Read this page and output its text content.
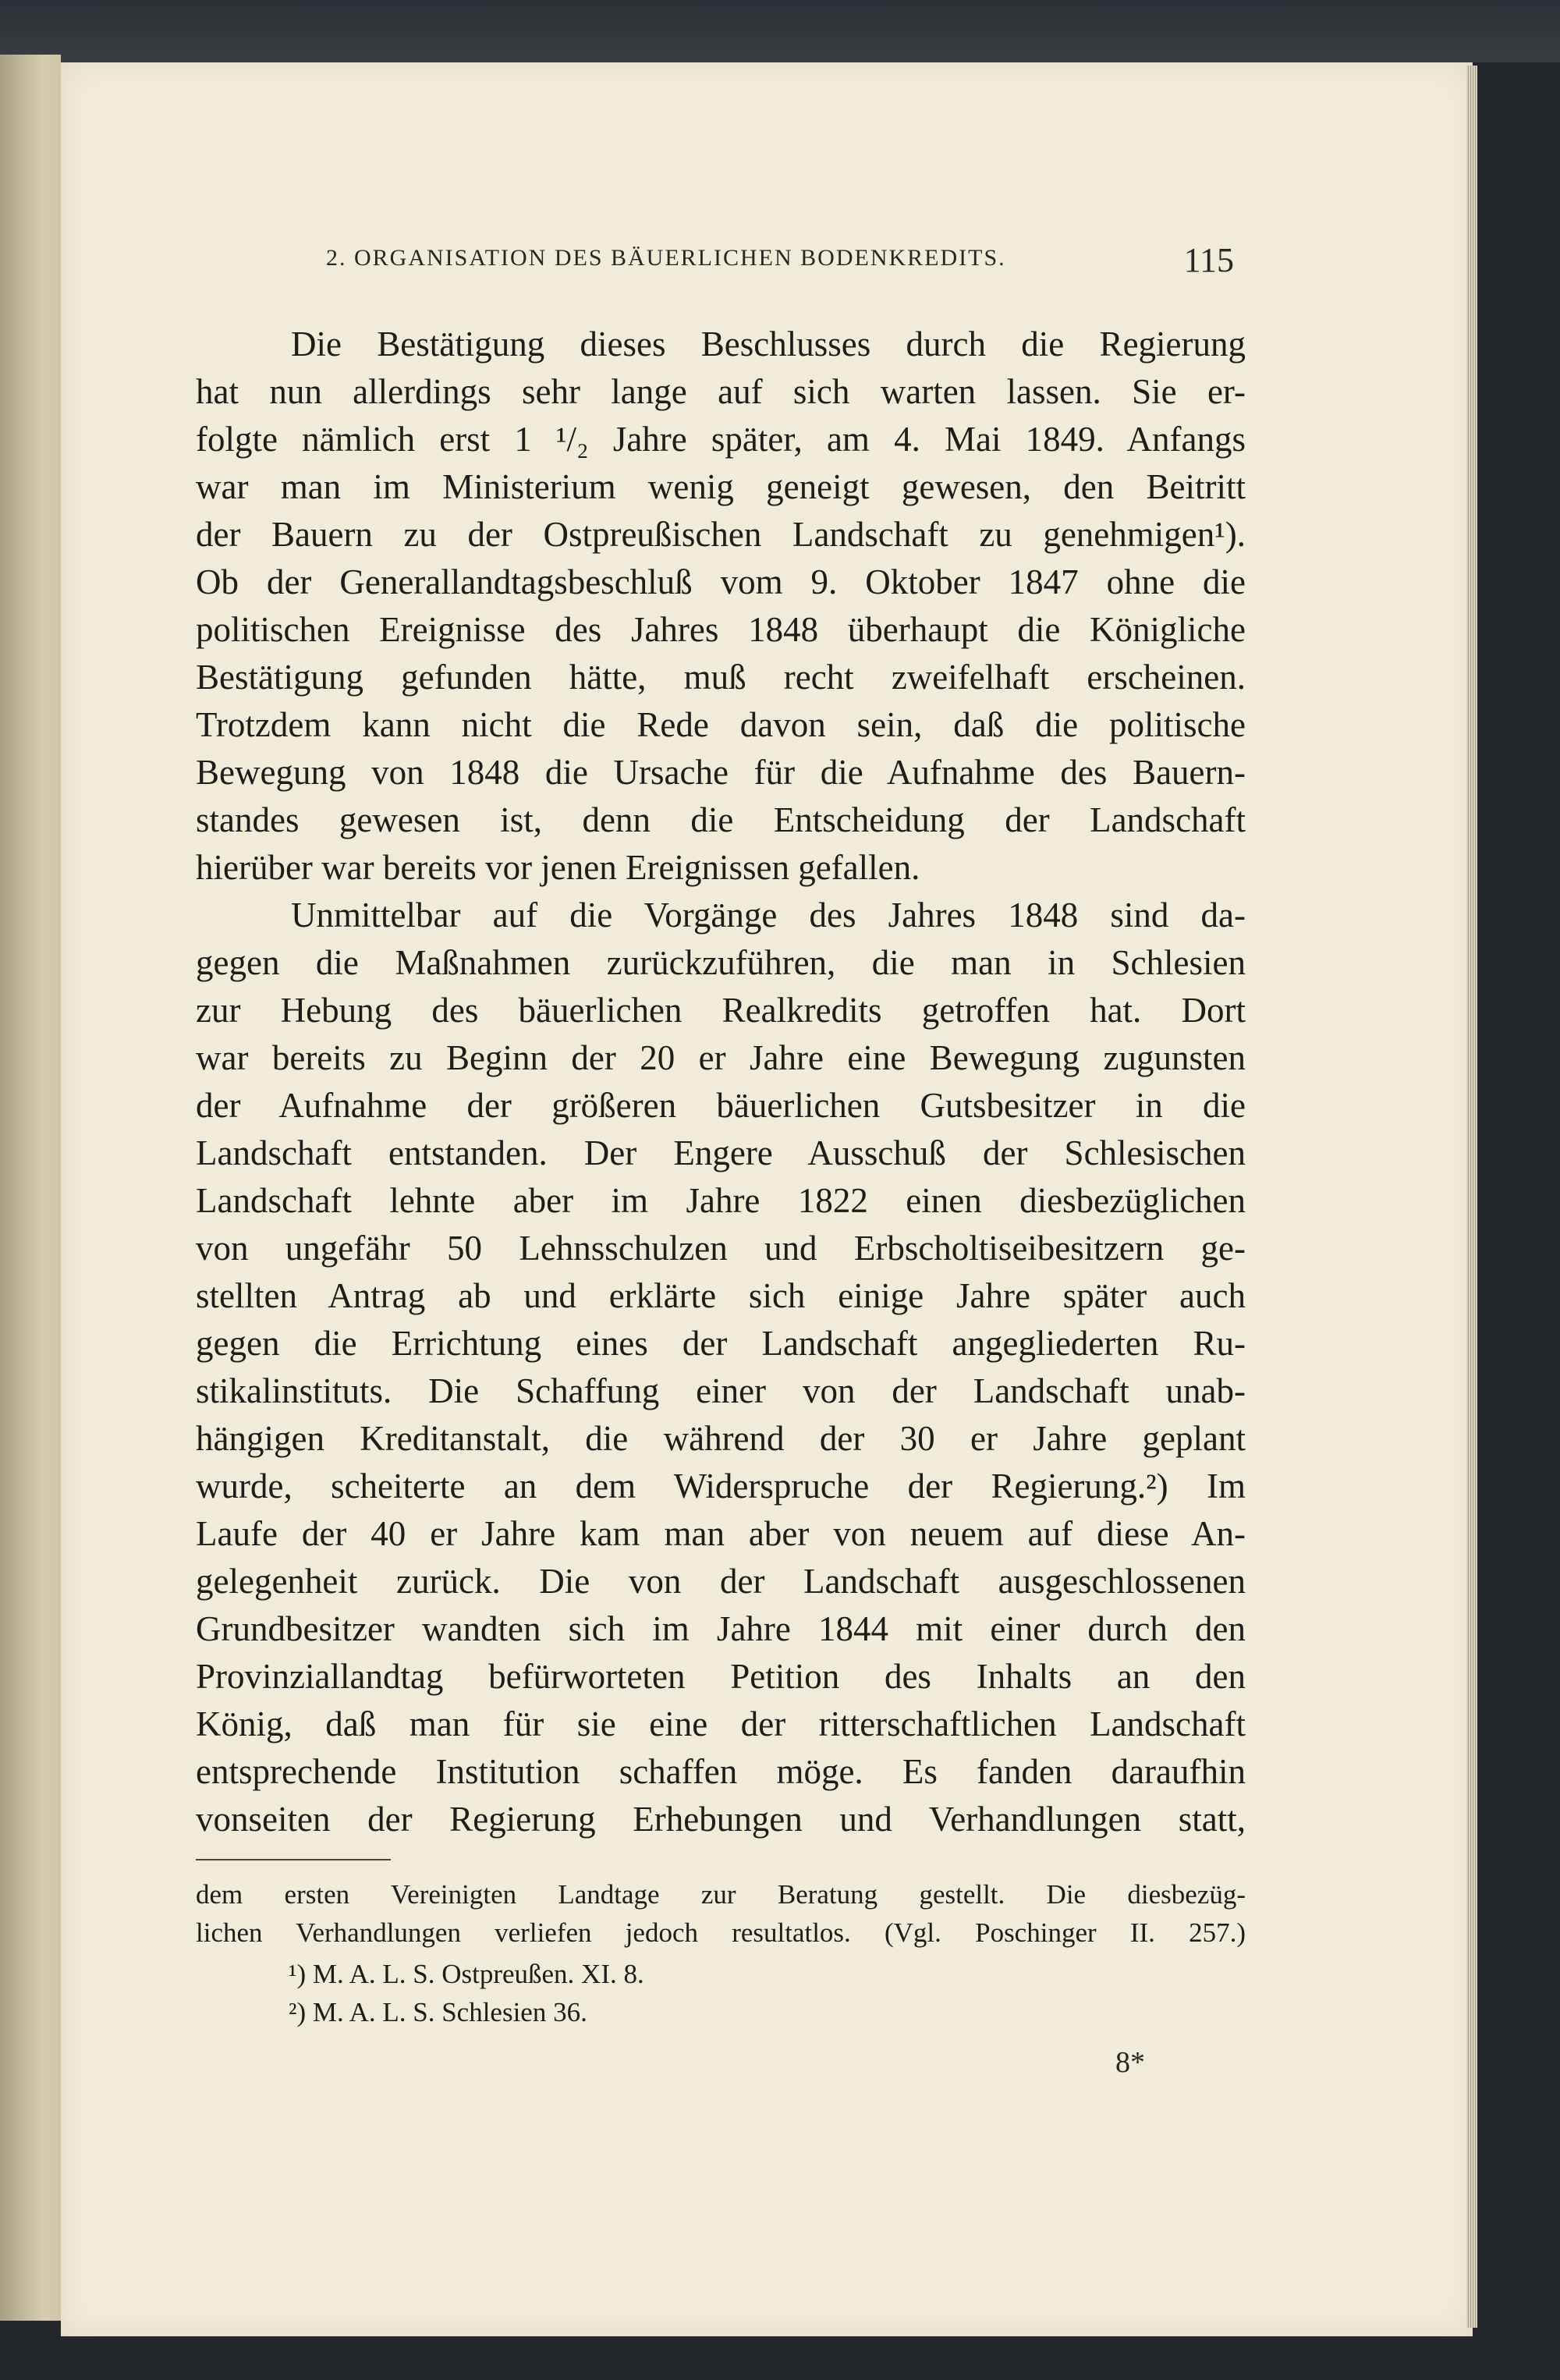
2. ORGANISATION DES BÄUERLICHEN BODENKREDITS.	115
Die Bestätigung dieses Beschlusses durch die Regierung
hat nun allerdings sehr lange auf sich warten lassen. Sie er-
folgte nämlich erst 1 ¹/₂ Jahre später, am 4. Mai 1849. Anfangs
war man im Ministerium wenig geneigt gewesen, den Beitritt
der Bauern zu der Ostpreußischen Landschaft zu genehmigen¹).
Ob der Generallandtagsbeschluß vom 9. Oktober 1847 ohne die
politischen Ereignisse des Jahres 1848 überhaupt die Königliche
Bestätigung gefunden hätte, muß recht zweifelhaft erscheinen.
Trotzdem kann nicht die Rede davon sein, daß die politische
Bewegung von 1848 die Ursache für die Aufnahme des Bauern-
standes gewesen ist, denn die Entscheidung der Landschaft
hierüber war bereits vor jenen Ereignissen gefallen.
Unmittelbar auf die Vorgänge des Jahres 1848 sind da-
gegen die Maßnahmen zurückzuführen, die man in Schlesien
zur Hebung des bäuerlichen Realkredits getroffen hat. Dort
war bereits zu Beginn der 20 er Jahre eine Bewegung zugunsten
der Aufnahme der größeren bäuerlichen Gutsbesitzer in die
Landschaft entstanden. Der Engere Ausschuß der Schlesischen
Landschaft lehnte aber im Jahre 1822 einen diesbezüglichen
von ungefähr 50 Lehnsschulzen und Erbscholtiseibesitzern ge-
stellten Antrag ab und erklärte sich einige Jahre später auch
gegen die Errichtung eines der Landschaft angegliederten Ru-
stikalinstituts. Die Schaffung einer von der Landschaft unab-
hängigen Kreditanstalt, die während der 30 er Jahre geplant
wurde, scheiterte an dem Widerspruche der Regierung.²) Im
Laufe der 40 er Jahre kam man aber von neuem auf diese An-
gelegenheit zurück. Die von der Landschaft ausgeschlossenen
Grundbesitzer wandten sich im Jahre 1844 mit einer durch den
Provinziallandtag befürworteten Petition des Inhalts an den
König, daß man für sie eine der ritterschaftlichen Landschaft
entsprechende Institution schaffen möge. Es fanden daraufhin
vonseiten der Regierung Erhebungen und Verhandlungen statt,
dem ersten Vereinigten Landtage zur Beratung gestellt. Die diesbezüg-
lichen Verhandlungen verliefen jedoch resultatlos. (Vgl. Poschinger II. 257.)
¹) M. A. L. S. Ostpreußen. XI. 8.
²) M. A. L. S. Schlesien 36.
8*
